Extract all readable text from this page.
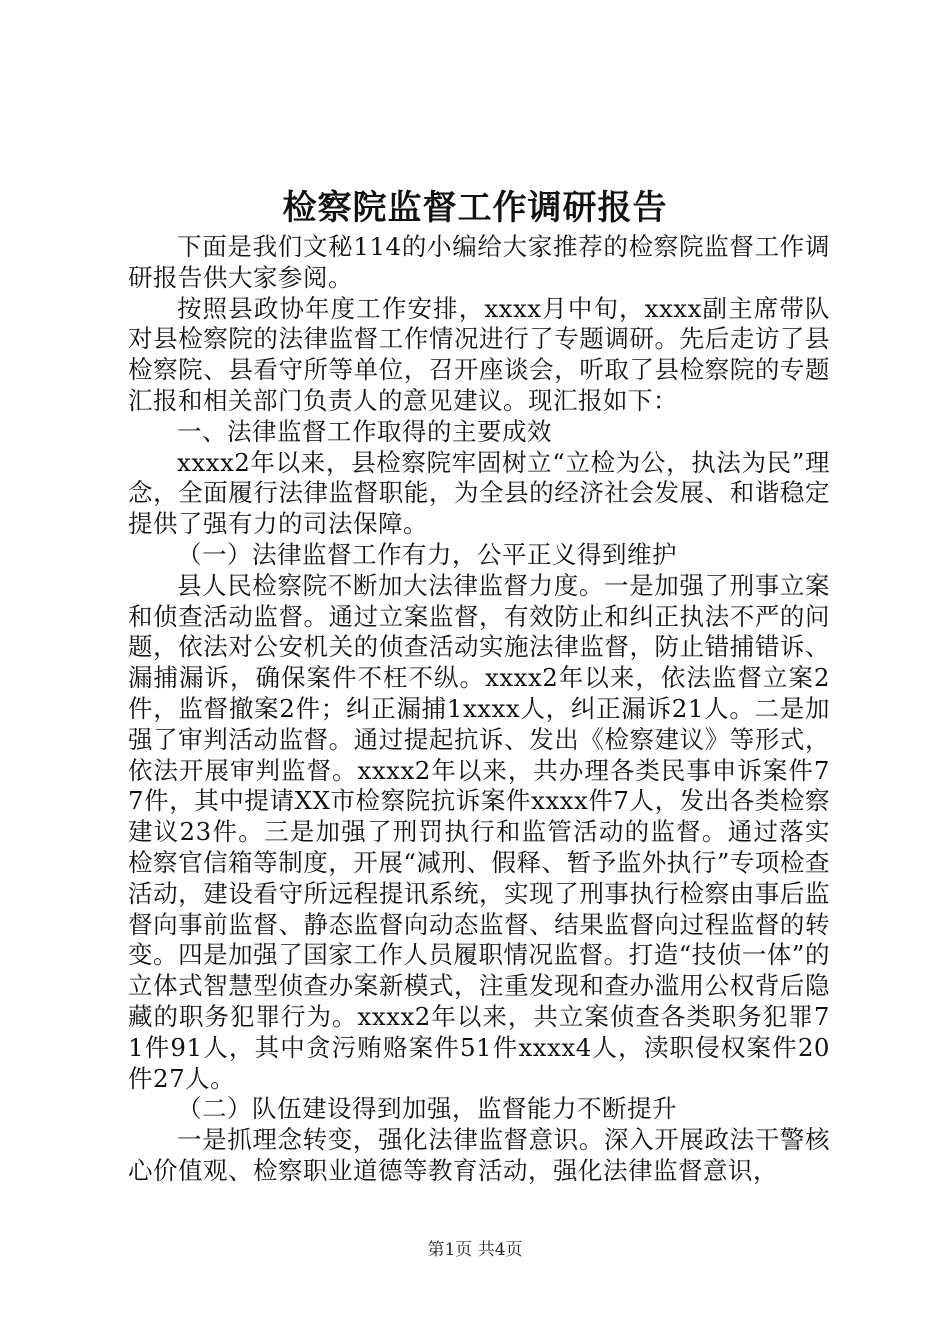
检察院监督工作调研报告

下面是我们文秘114的小编给大家推荐的检察院监督工作调研报告供大家参阅。

按照县政协年度工作安排，xxxx月中旬，xxxx副主席带队对县检察院的法律监督工作情况进行了专题调研。先后走访了县检察院、县看守所等单位，召开座谈会，听取了县检察院的专题汇报和相关部门负责人的意见建议。现汇报如下：

一、法律监督工作取得的主要成效

xxxx2年以来，县检察院牢固树立“立检为公，执法为民”理念，全面履行法律监督职能，为全县的经济社会发展、和谐稳定提供了强有力的司法保障。

（一）法律监督工作有力，公平正义得到维护

县人民检察院不断加大法律监督力度。一是加强了刑事立案和侦查活动监督。通过立案监督，有效防止和纠正执法不严的问题，依法对公安机关的侦查活动实施法律监督，防止错捕错诉、漏捕漏诉，确保案件不枉不纵。xxxx2年以来，依法监督立案2件，监督撤案2件；纠正漏捕1xxxx人，纠正漏诉21人。二是加强了审判活动监督。通过提起抗诉、发出《检察建议》等形式，依法开展审判监督。xxxx2年以来，共办理各类民事申诉案件77件，其中提请XX市检察院抗诉案件xxxx件7人，发出各类检察建议23件。三是加强了刑罚执行和监管活动的监督。通过落实检察官信箱等制度，开展“减刑、假释、暂予监外执行”专项检查活动，建设看守所远程提讯系统，实现了刑事执行检察由事后监督向事前监督、静态监督向动态监督、结果监督向过程监督的转变。四是加强了国家工作人员履职情况监督。打造“技侦一体”的立体式智慧型侦查办案新模式，注重发现和查办滥用公权背后隐藏的职务犯罪行为。xxxx2年以来，共立案侦查各类职务犯罪71件91人，其中贪污贿赂案件51件xxxx4人，渎职侵权案件20件27人。

（二）队伍建设得到加强，监督能力不断提升

一是抓理念转变，强化法律监督意识。深入开展政法干警核心价值观、检察职业道德等教育活动，强化法律监督意识，

第1页 共4页
